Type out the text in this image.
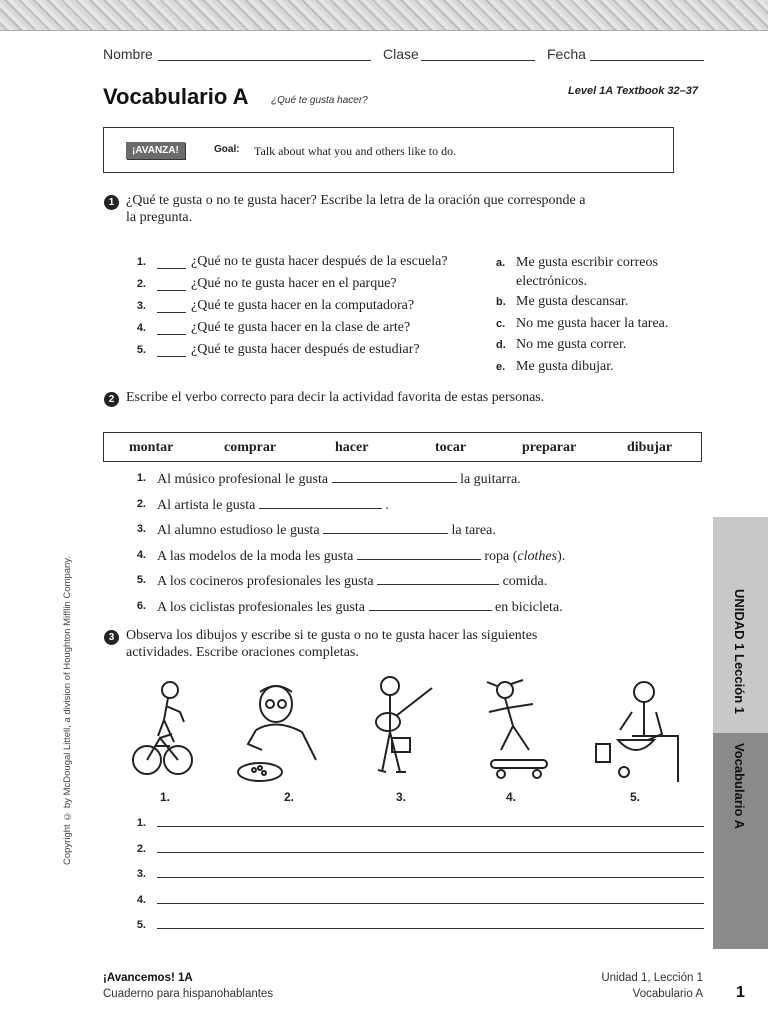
Nombre	Clase	Fecha
Vocabulario A ¿Qué te gusta hacer?
Level 1A Textbook 32–37
¡AVANZA!	Goal: Talk about what you and others like to do.
1 ¿Qué te gusta o no te gusta hacer? Escribe la letra de la oración que corresponde a
la pregunta.
1.	¿Qué no te gusta hacer después de la escuela?
2.	¿Qué no te gusta hacer en el parque?
3.	¿Qué te gusta hacer en la computadora?
4.	¿Qué te gusta hacer en la clase de arte?
5.	¿Qué te gusta hacer después de estudiar?
a. Me gusta escribir correos
electrónicos.
b. Me gusta descansar.
c. No me gusta hacer la tarea.
d. No me gusta correr.
e. Me gusta dibujar.
2 Escribe el verbo correcto para decir la actividad favorita de estas personas.
montar	comprar	hacer	tocar	preparar	dibujar
1. Al músico profesional le gusta	la guitarra.
2. Al artista le gusta	.
3. Al alumno estudioso le gusta	la tarea.
4. A las modelos de la moda les gusta	ropa (clothes).
5. A los cocineros profesionales les gusta	comida.
6. A los ciclistas profesionales les gusta	en bicicleta.
3 Observa los dibujos y escribe si te gusta o no te gusta hacer las siguientes
actividades. Escribe oraciones completas.
1.	2.	3.	4.	5.
1.
2.
3.
4.
5.
UNIDAD 1 Lección 1
Vocabulario A
Copyright © by McDougal Littell, a division of Houghton Mifflin Company.
¡Avancemos! 1A
Cuaderno para hispanohablantes
Unidad 1, Lección 1
Vocabulario A 1
